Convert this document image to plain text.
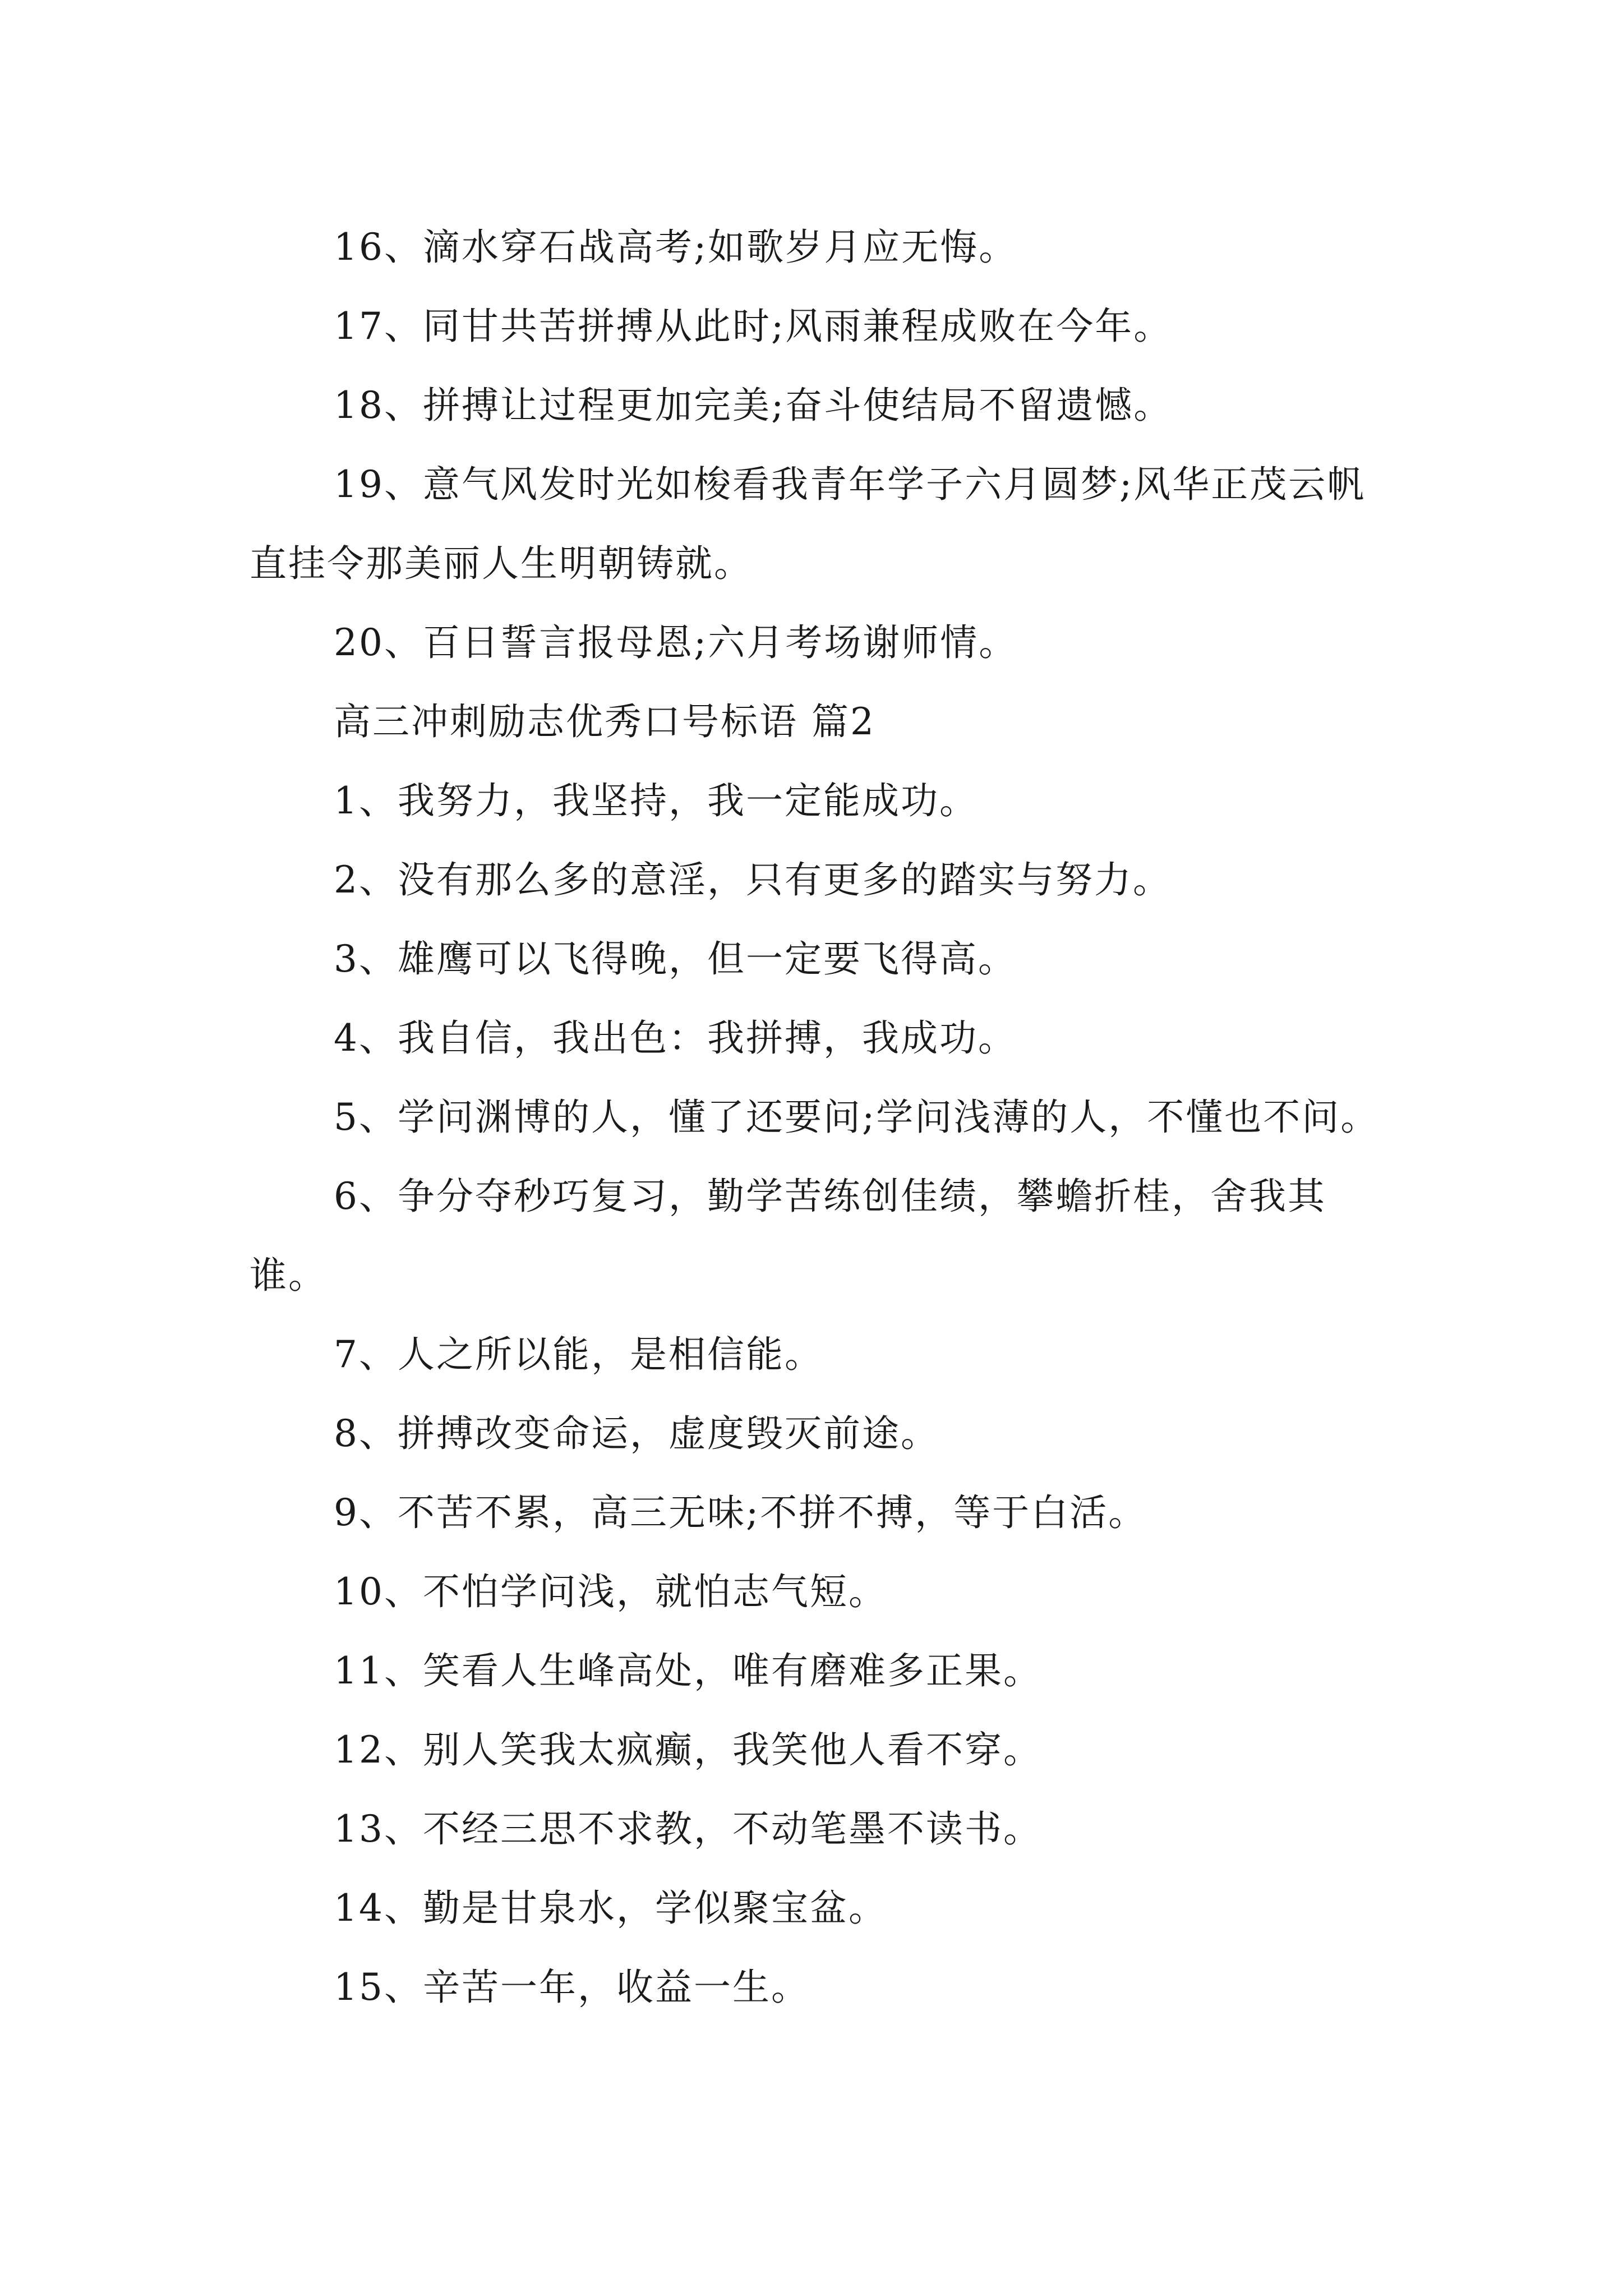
16、滴水穿石战高考;如歌岁月应无悔。

17、同甘共苦拼搏从此时;风雨兼程成败在今年。

18、拼搏让过程更加完美;奋斗使结局不留遗憾。

19、意气风发时光如梭看我青年学子六月圆梦;风华正茂云帆直挂令那美丽人生明朝铸就。

20、百日誓言报母恩;六月考场谢师情。

高三冲刺励志优秀口号标语 篇2

1、我努力，我坚持，我一定能成功。

2、没有那么多的意淫，只有更多的踏实与努力。

3、雄鹰可以飞得晚，但一定要飞得高。

4、我自信，我出色：我拼搏，我成功。

5、学问渊博的人，懂了还要问;学问浅薄的人，不懂也不问。

6、争分夺秒巧复习，勤学苦练创佳绩，攀蟾折桂，舍我其谁。

7、人之所以能，是相信能。

8、拼搏改变命运，虚度毁灭前途。

9、不苦不累，高三无味;不拼不搏，等于白活。

10、不怕学问浅，就怕志气短。

11、笑看人生峰高处，唯有磨难多正果。

12、别人笑我太疯癫，我笑他人看不穿。

13、不经三思不求教，不动笔墨不读书。

14、勤是甘泉水，学似聚宝盆。

15、辛苦一年，收益一生。
